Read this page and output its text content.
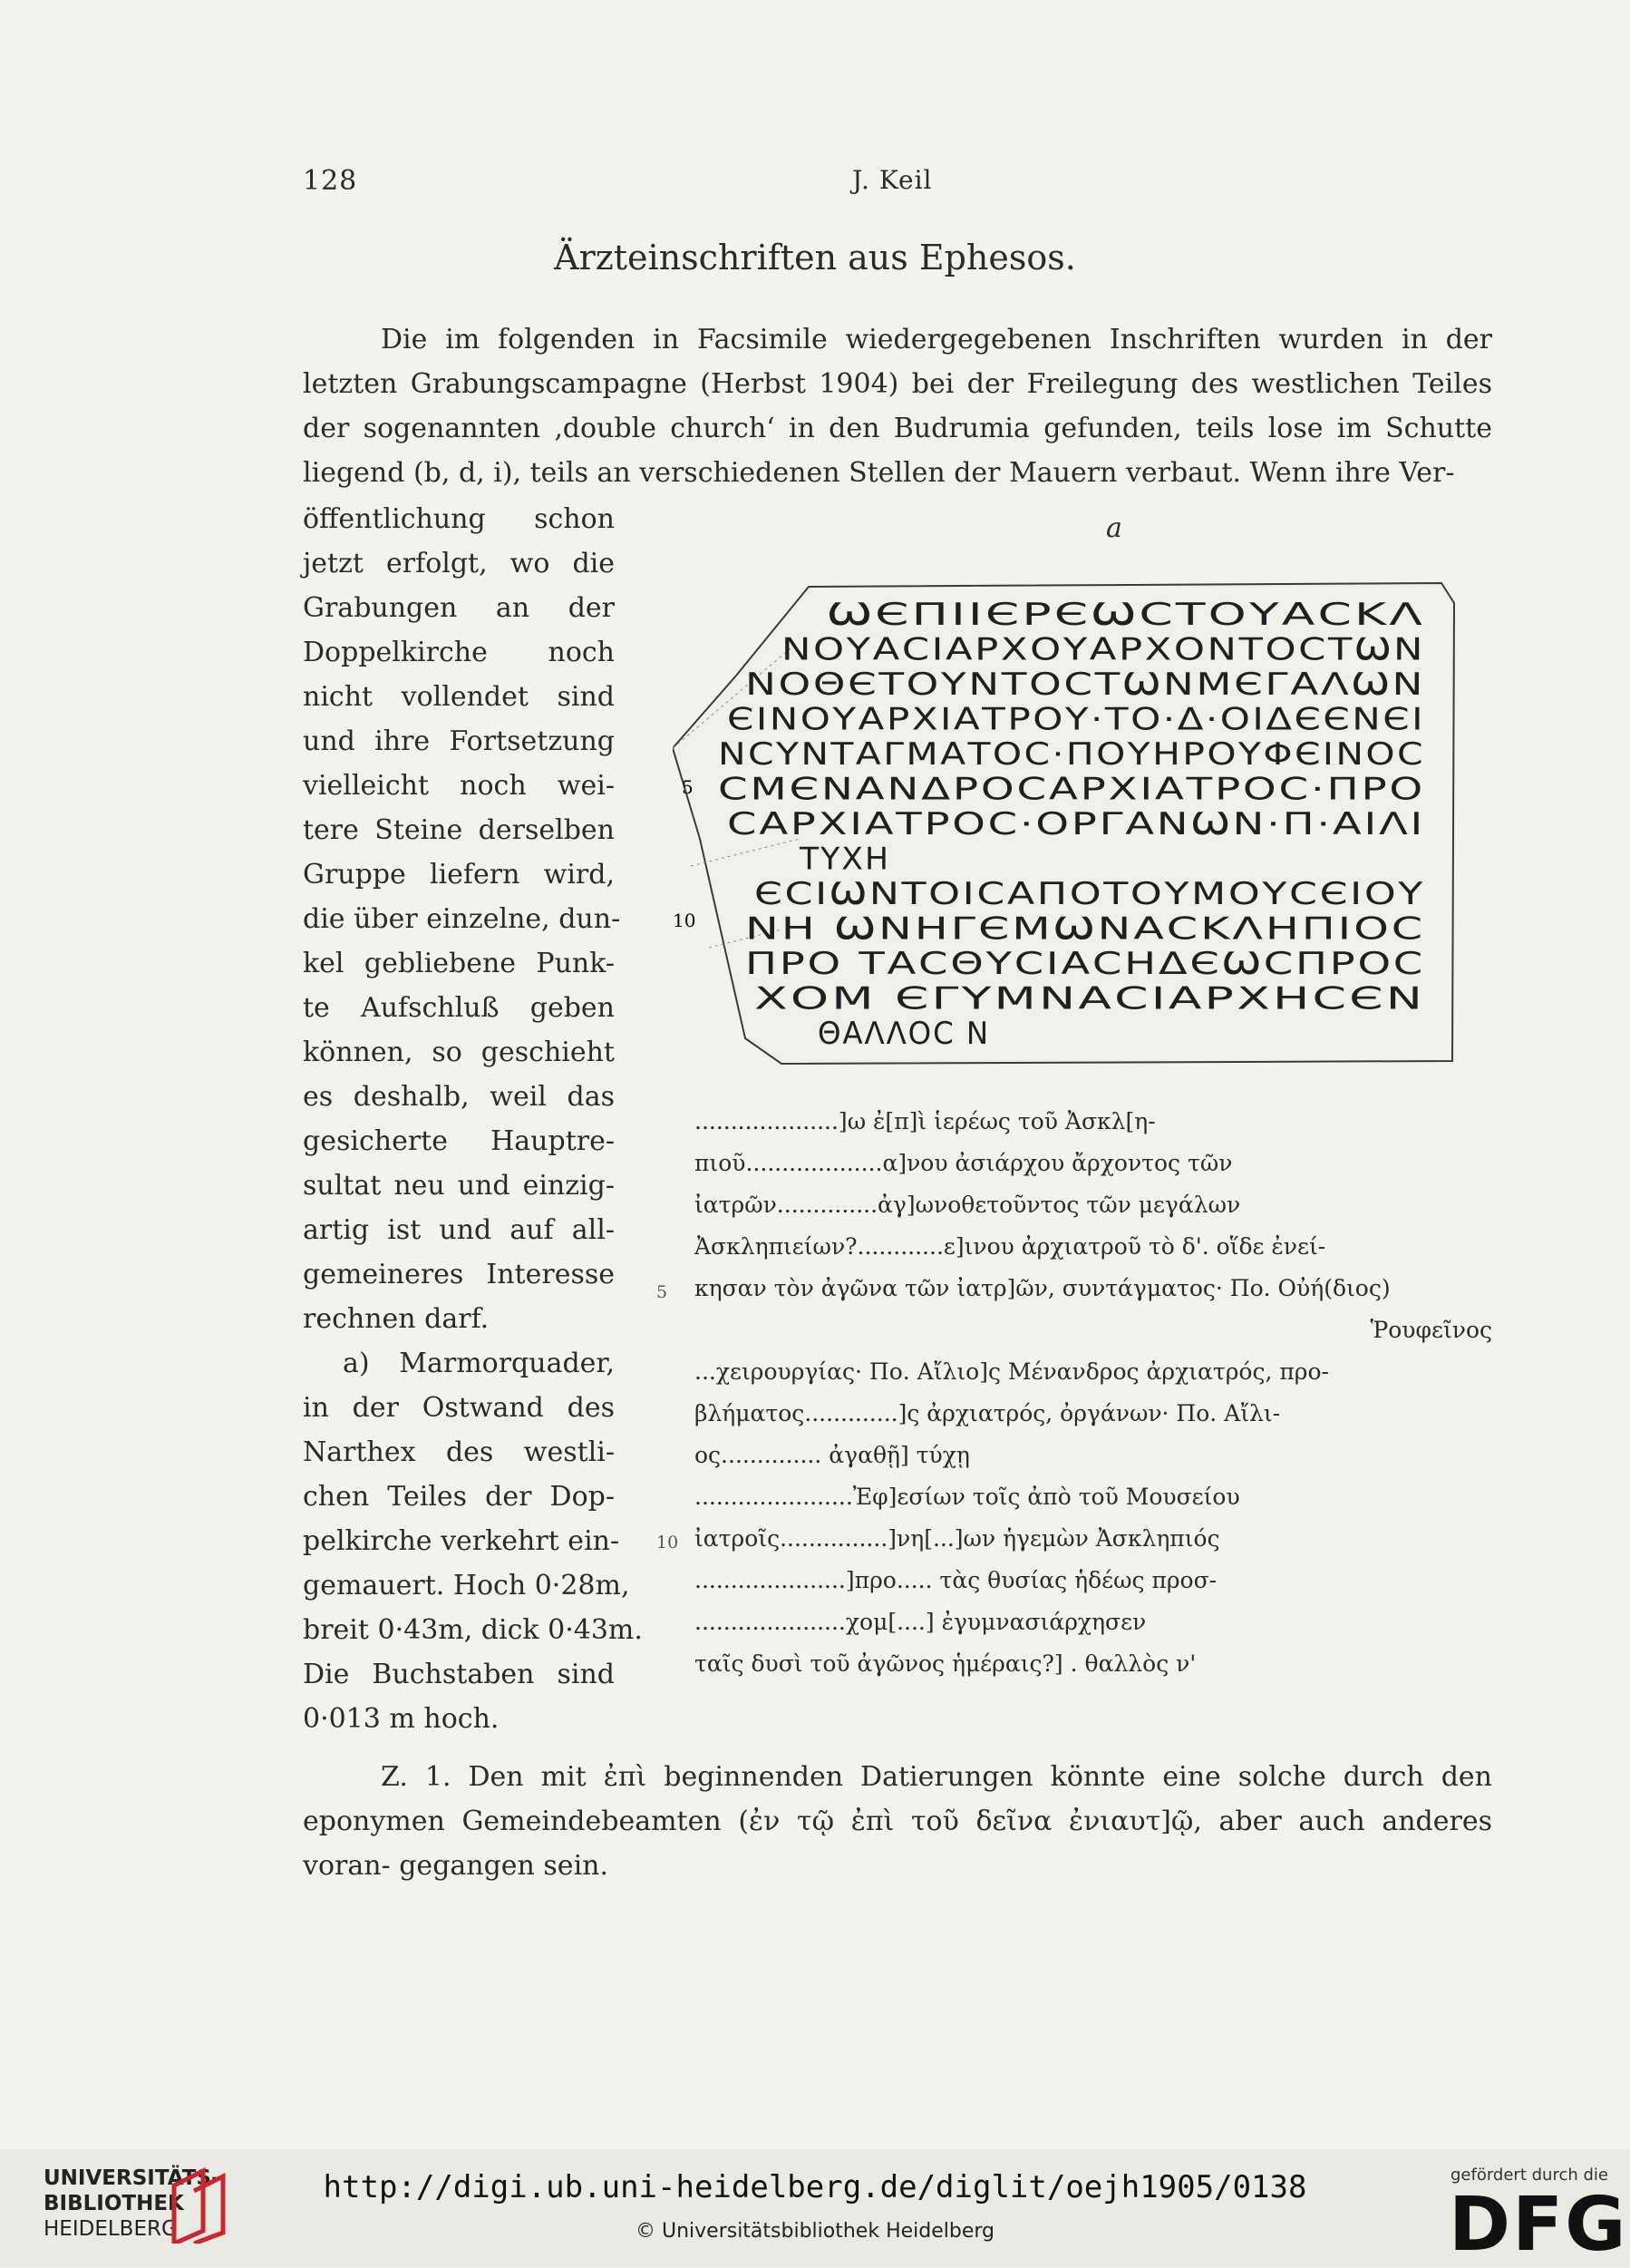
128	J. Keil
Ärzteinschriften aus Ephesos.

Die im folgenden in Facsimile wiedergegebenen Inschriften wurden in der letzten Grabungscampagne (Herbst 1904) bei der Freilegung des westlichen Teiles der sogenannten ‚double church‘ in den Budrumia gefunden, teils lose im Schutte liegend (b, d, i), teils an verschiedenen Stellen der Mauern verbaut. Wenn ihre Ver-

öffentlichung schon
jetzt erfolgt, wo die
Grabungen an der
Doppelkirche noch
nicht vollendet sind
und ihre Fortsetzung
vielleicht noch wei-
tere Steine derselben
Gruppe liefern wird,
die über einzelne, dun-
kel gebliebene Punk-
te Aufschluß geben
können, so geschieht
es deshalb, weil das
gesicherte Hauptre-
sultat neu und einzig-
artig ist und auf all-
gemeineres Interesse
rechnen darf.
a) Marmorquader,
in der Ostwand des
Narthex des westli-
chen Teiles der Dop-
pelkirche verkehrt ein-
gemauert. Hoch 0·28m,
breit 0·43m, dick 0·43m.
Die Buchstaben sind
0·013 m hoch.
a
ѠЄΠΙΙЄΡЄѠCΤΟΥΑCΚΛ
ΝΟΥΑCΙΑΡΧΟΥΑΡΧΟΝΤΟCΤѠΝ
ΝΟΘЄΤΟΥΝΤΟCΤѠΝΜЄΓΑΛѠΝ
ЄΙΝΟΥΑΡΧΙΑΤΡΟΥ·ΤΟ·Δ·ΟΙΔЄЄΝЄΙ
ΝCΥΝΤΑΓΜΑΤΟC·ΠΟΥΗΡΟΥΦЄΙΝΟC
CΜЄΝΑΝΔΡΟCΑΡΧΙΑΤΡΟC·ΠΡΟ
CΑΡΧΙΑΤΡΟC·ΟΡΓΑΝѠΝ·Π·ΑΙΛΙ
ΤΥΧΗ
ЄCΙѠΝΤΟΙCΑΠΟΤΟΥΜΟΥCЄΙΟΥ
ΝΗ ѠΝΗΓЄΜѠΝΑCΚΛΗΠΙΟC
ΠΡΟ ΤΑCΘΥCΙΑCΗΔЄѠCΠΡΟC
ΧΟΜ ЄΓΥΜΝΑCΙΑΡΧΗCЄΝ
ΘΑΛΛΟC Ν
5
10
....................]ω ἐ[π]ὶ ἱερέως τοῦ Ἀσκλ[η-
πιοῦ...................α]νου ἀσιάρχου ἄρχοντος τῶν
ἰατρῶν..............ἀγ]ωνοθετοῦντος τῶν μεγάλων
Ἀσκληπιείων?............ε]ινου ἀρχιατροῦ τὸ δ'. οἵδε ἐνεί-
5 κησαν τὸν ἀγῶνα τῶν ἰατρ]ῶν, συντάγματος· Πο. Οὐή(διος)
Ῥουφεῖνος
...χειρουργίας· Πο. Αἴλιο]ς Μένανδρος ἀρχιατρός, προ-
βλήματος.............]ς ἀρχιατρός, ὀργάνων· Πο. Αἴλι-
ος.............. ἀγαθῇ] τύχῃ
......................Ἐφ]εσίων τοῖς ἀπὸ τοῦ Μουσείου
10 ἰατροῖς...............]νη[...]ων ἡγεμὼν Ἀσκληπιός
.....................]προ..... τὰς θυσίας ἡδέως προσ-
.....................χομ[....] ἐγυμνασιάρχησεν
ταῖς δυσὶ τοῦ ἀγῶνος ἡμέραις?] . θαλλὸς ν'

Z. 1. Den mit ἐπὶ beginnenden Datierungen könnte eine solche durch den eponymen Gemeindebeamten (ἐν τῷ ἐπὶ τοῦ δεῖνα ἐνιαυτ]ῷ, aber auch anderes voran- gegangen sein.

UNIVERSITÄTS-
BIBLIOTHEK
HEIDELBERG
http://digi.ub.uni-heidelberg.de/diglit/oejh1905/0138
© Universitätsbibliothek Heidelberg
gefördert durch die
DFG
